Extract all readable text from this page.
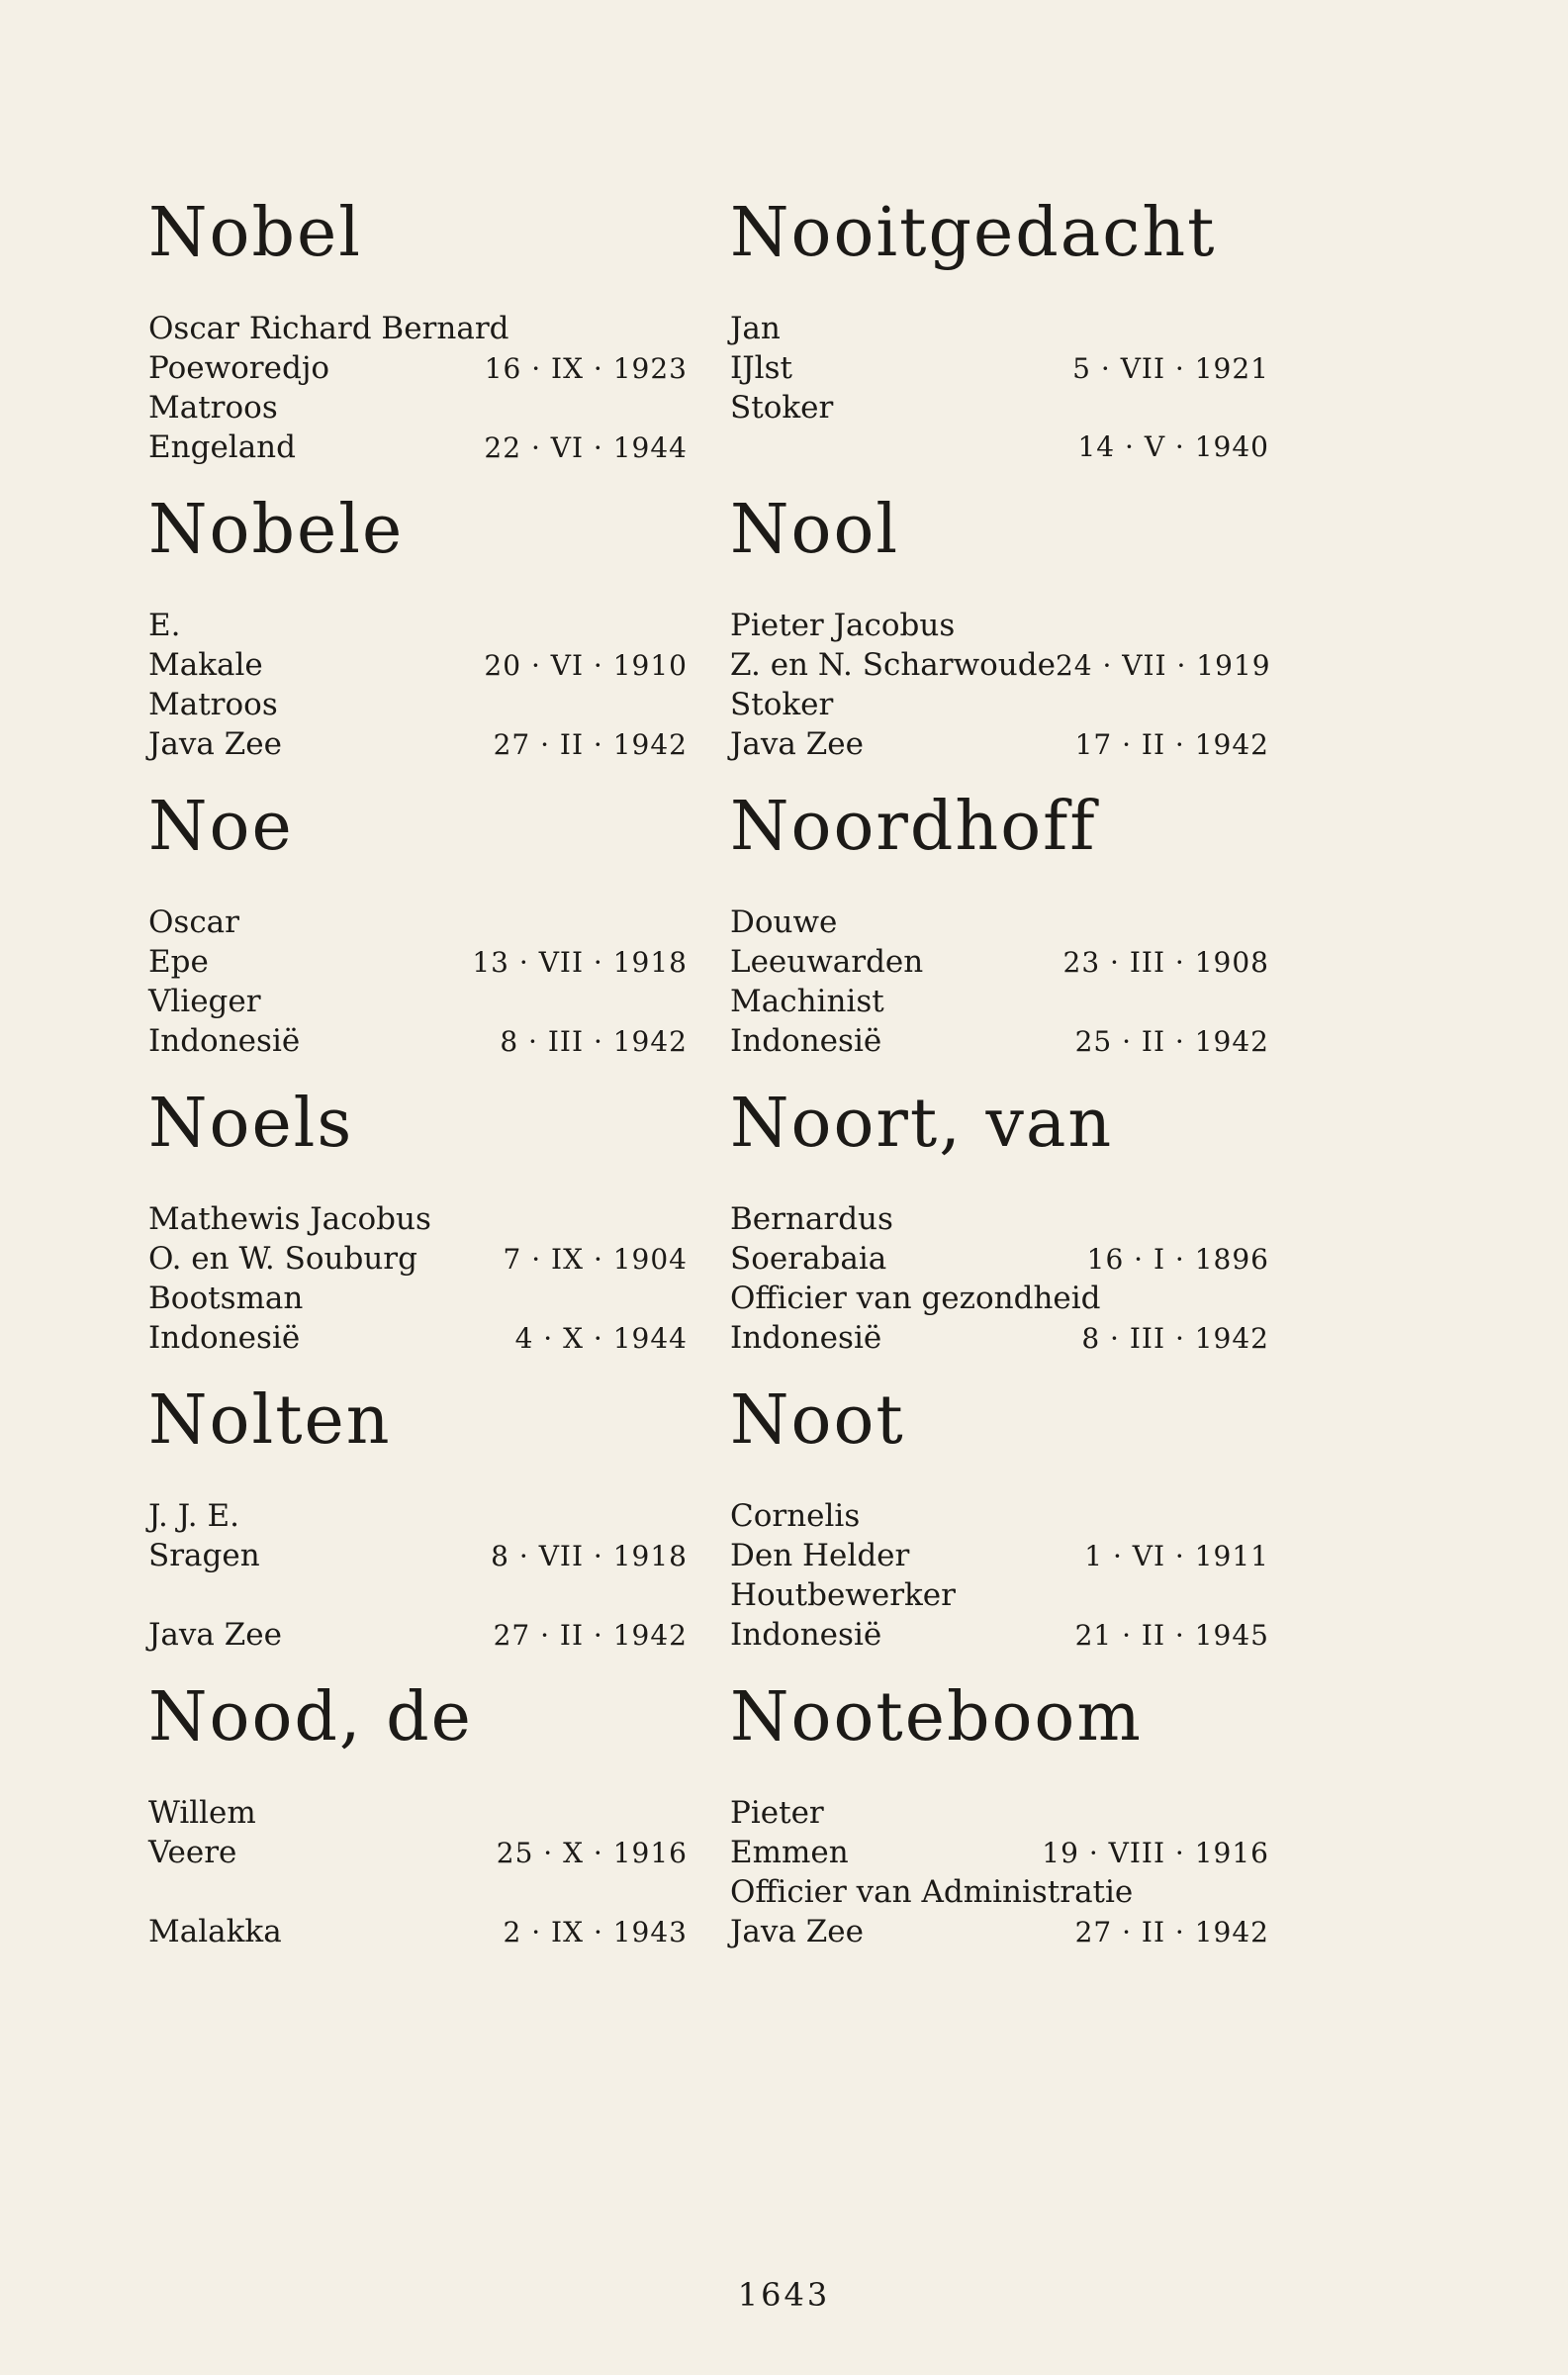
Nobel
Oscar Richard Bernard
Poeworedjo	16 · IX · 1923
Matroos
Engeland	22 · VI · 1944
Nobele
E.
Makale	20 · VI · 1910
Matroos
Java Zee	27 · II · 1942
Noe
Oscar
Epe	13 · VII · 1918
Vlieger
Indonesië	8 · III · 1942
Noels
Mathewis Jacobus
O. en W. Souburg	7 · IX · 1904
Bootsman
Indonesië	4 · X · 1944
Nolten
J. J. E.
Sragen	8 · VII · 1918
Java Zee	27 · II · 1942
Nood, de
Willem
Veere	25 · X · 1916
Malakka	2 · IX · 1943
Nooitgedacht
Jan
IJlst	5 · VII · 1921
Stoker
14 · V · 1940
Nool
Pieter Jacobus
Z. en N. Scharwoude 24 · VII · 1919
Stoker
Java Zee	17 · II · 1942
Noordhoff
Douwe
Leeuwarden	23 · III · 1908
Machinist
Indonesië	25 · II · 1942
Noort, van
Bernardus
Soerabaia	16 · I · 1896
Officier van gezondheid
Indonesië	8 · III · 1942
Noot
Cornelis
Den Helder	1 · VI · 1911
Houtbewerker
Indonesië	21 · II · 1945
Nooteboom
Pieter
Emmen	19 · VIII · 1916
Officier van Administratie
Java Zee	27 · II · 1942
1643
